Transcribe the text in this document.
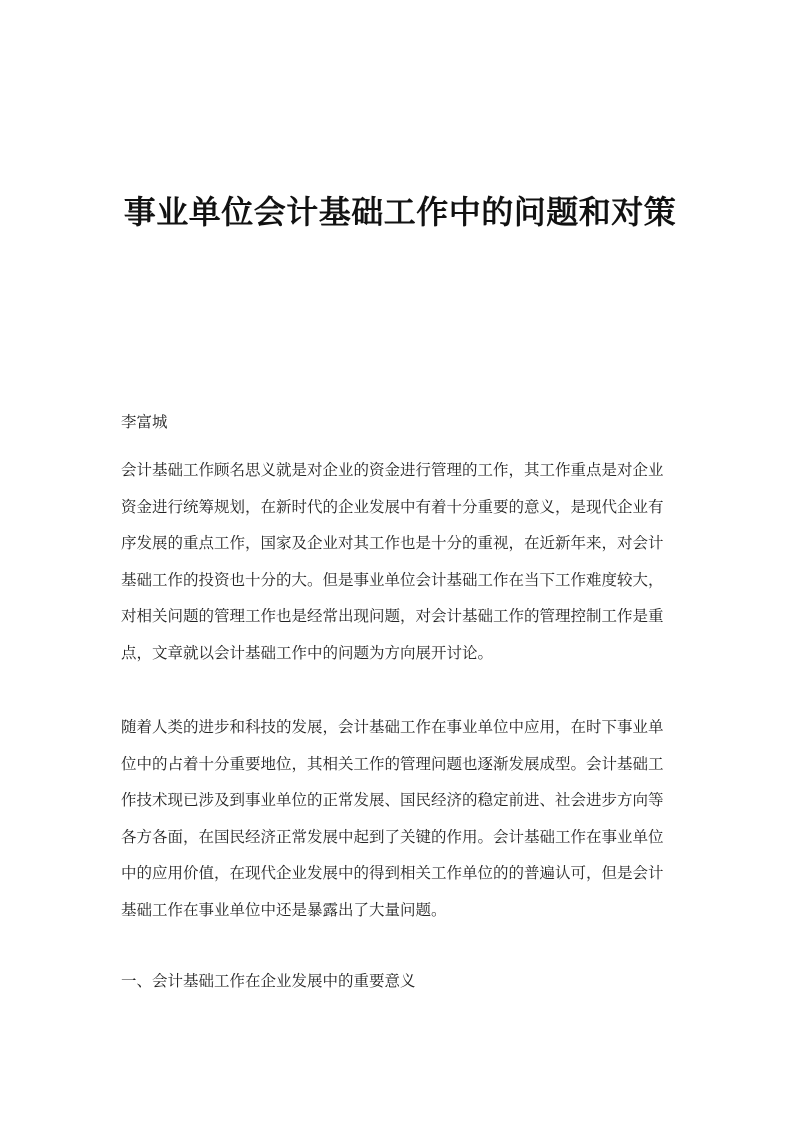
事业单位会计基础工作中的问题和对策

李富城

会计基础工作顾名思义就是对企业的资金进行管理的工作，其工作重点是对企业资金进行统筹规划，在新时代的企业发展中有着十分重要的意义，是现代企业有序发展的重点工作，国家及企业对其工作也是十分的重视，在近新年来，对会计基础工作的投资也十分的大。但是事业单位会计基础工作在当下工作难度较大，对相关问题的管理工作也是经常出现问题，对会计基础工作的管理控制工作是重点，文章就以会计基础工作中的问题为方向展开讨论。

随着人类的进步和科技的发展，会计基础工作在事业单位中应用，在时下事业单位中的占着十分重要地位，其相关工作的管理问题也逐渐发展成型。会计基础工作技术现已涉及到事业单位的正常发展、国民经济的稳定前进、社会进步方向等各方各面，在国民经济正常发展中起到了关键的作用。会计基础工作在事业单位中的应用价值，在现代企业发展中的得到相关工作单位的的普遍认可，但是会计基础工作在事业单位中还是暴露出了大量问题。

一、会计基础工作在企业发展中的重要意义
